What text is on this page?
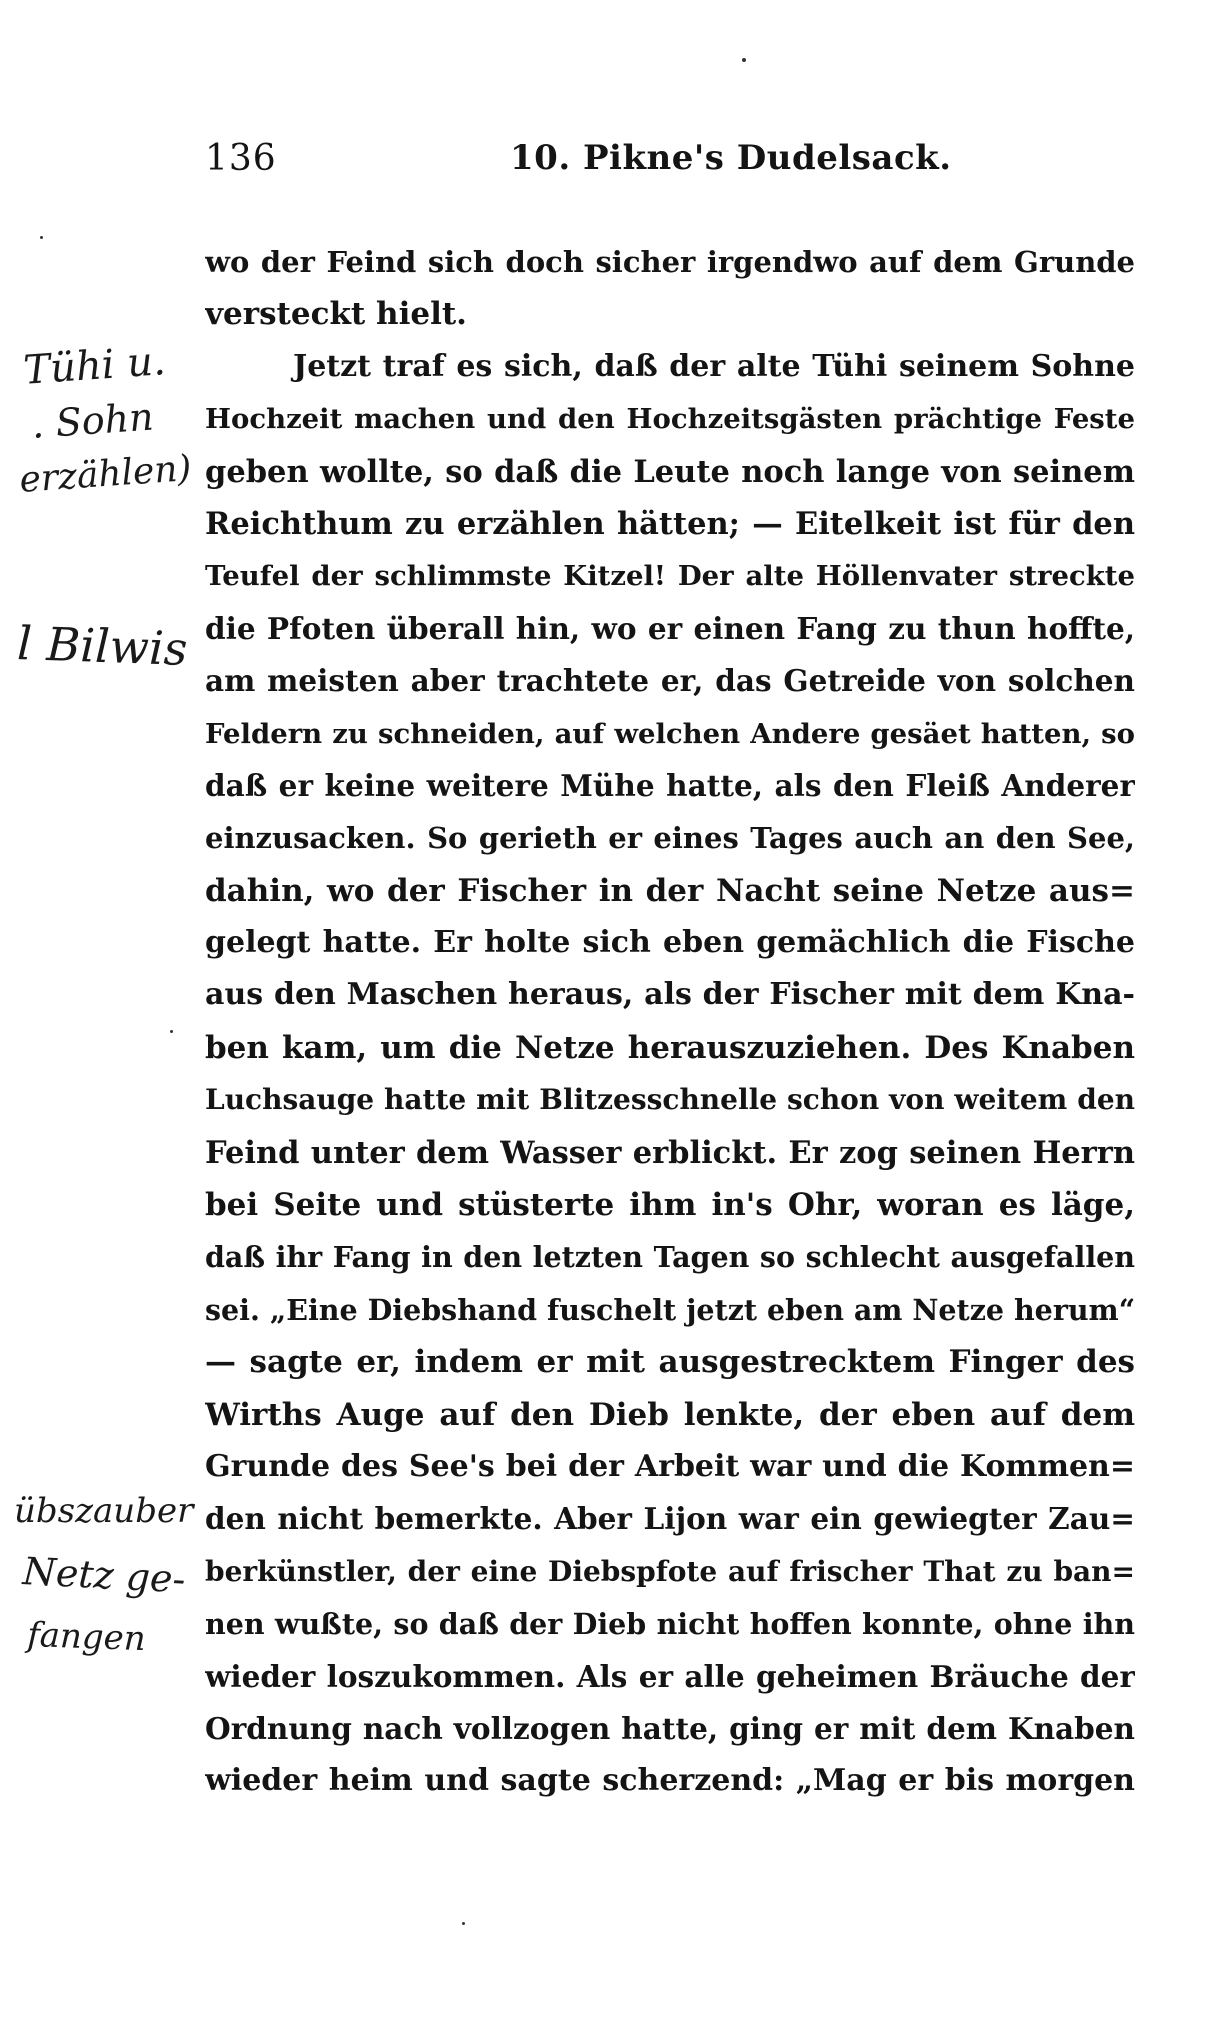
136	10. Pikne's Dudelsack.
wo der Feind sich doch sicher irgendwo auf dem Grunde
versteckt hielt.
Jetzt traf es sich, daß der alte Tühi seinem Sohne
Hochzeit machen und den Hochzeitsgästen prächtige Feste
geben wollte, so daß die Leute noch lange von seinem
Reichthum zu erzählen hätten; — Eitelkeit ist für den
Teufel der schlimmste Kitzel! Der alte Höllenvater streckte
die Pfoten überall hin, wo er einen Fang zu thun hoffte,
am meisten aber trachtete er, das Getreide von solchen
Feldern zu schneiden, auf welchen Andere gesäet hatten, so
daß er keine weitere Mühe hatte, als den Fleiß Anderer
einzusacken. So gerieth er eines Tages auch an den See,
dahin, wo der Fischer in der Nacht seine Netze aus=
gelegt hatte. Er holte sich eben gemächlich die Fische
aus den Maschen heraus, als der Fischer mit dem Kna-
ben kam, um die Netze herauszuziehen. Des Knaben
Luchsauge hatte mit Blitzesschnelle schon von weitem den
Feind unter dem Wasser erblickt. Er zog seinen Herrn
bei Seite und stüsterte ihm in's Ohr, woran es läge,
daß ihr Fang in den letzten Tagen so schlecht ausgefallen
sei. „Eine Diebshand fuschelt jetzt eben am Netze herum“
— sagte er, indem er mit ausgestrecktem Finger des
Wirths Auge auf den Dieb lenkte, der eben auf dem
Grunde des See's bei der Arbeit war und die Kommen=
den nicht bemerkte. Aber Lijon war ein gewiegter Zau=
berkünstler, der eine Diebspfote auf frischer That zu ban=
nen wußte, so daß der Dieb nicht hoffen konnte, ohne ihn
wieder loszukommen. Als er alle geheimen Bräuche der
Ordnung nach vollzogen hatte, ging er mit dem Knaben
wieder heim und sagte scherzend: „Mag er bis morgen
Tühi u.
. Sohn
erzählen)
l Bilwis
übszauber
Netz ge-
fangen
